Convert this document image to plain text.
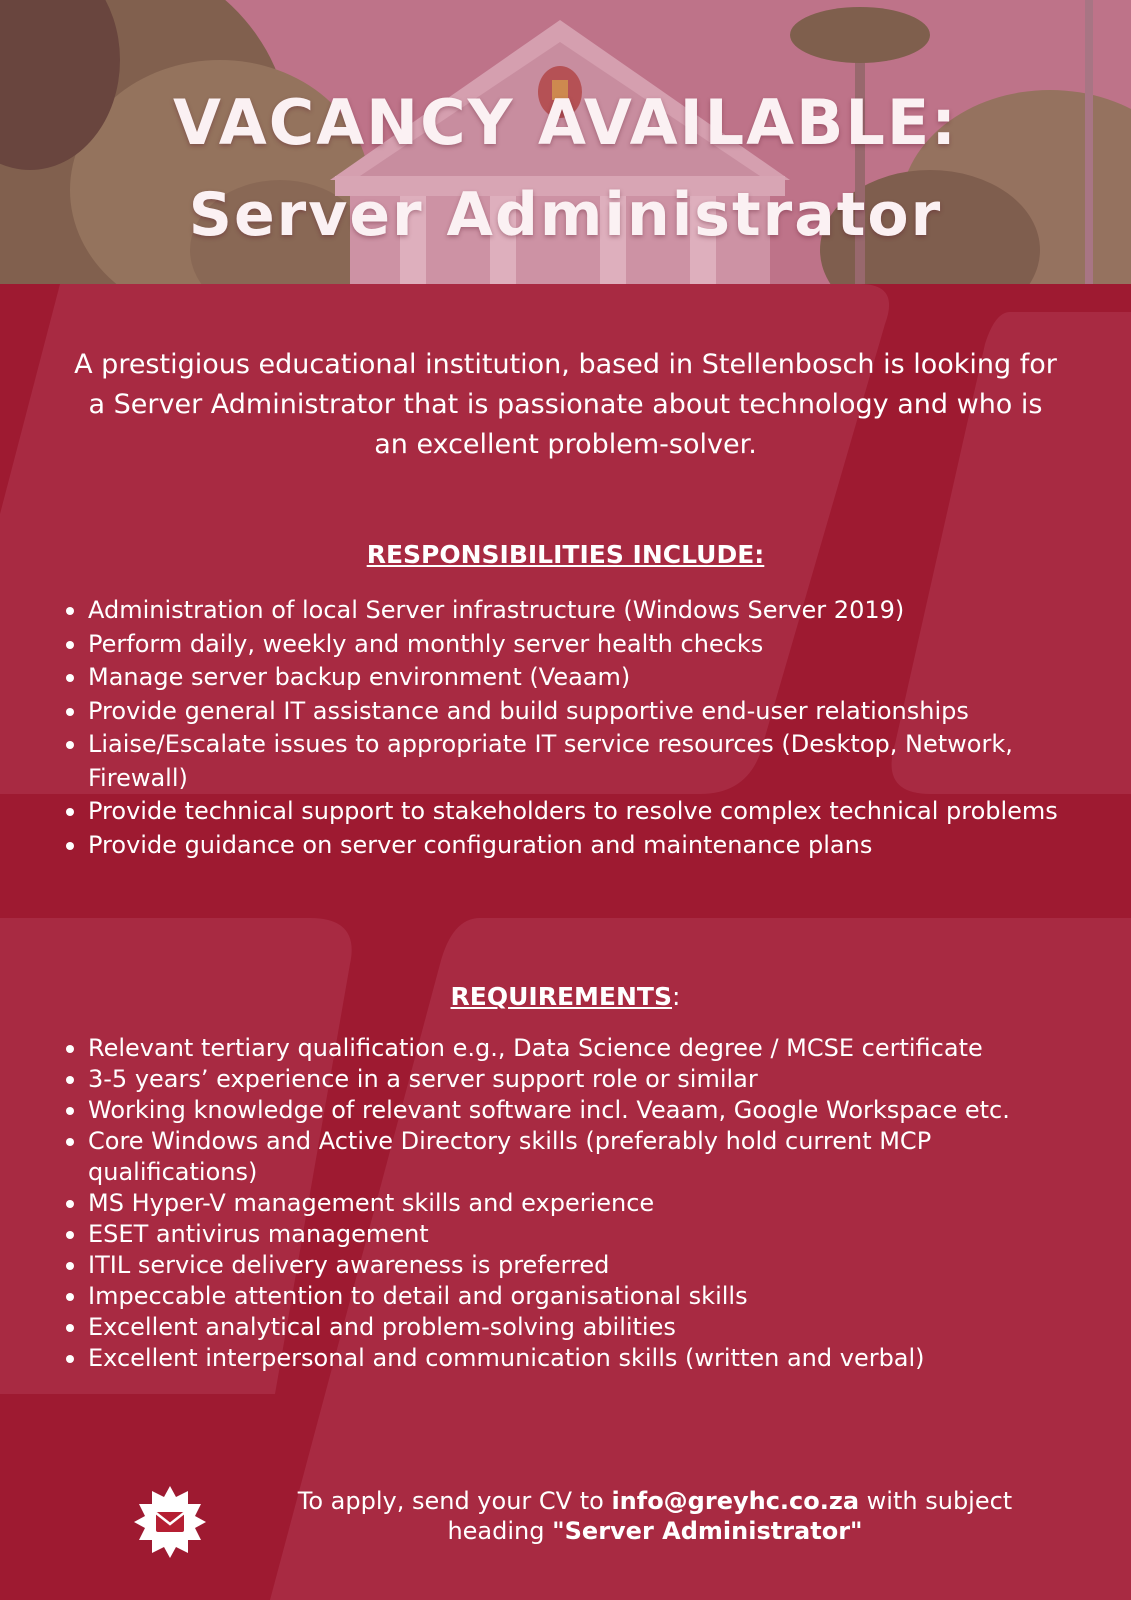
VACANCY AVAILABLE:
Server Administrator

A prestigious educational institution, based in Stellenbosch is looking for a Server Administrator that is passionate about technology and who is an excellent problem-solver.

RESPONSIBILITIES INCLUDE:
Administration of local Server infrastructure (Windows Server 2019)
Perform daily, weekly and monthly server health checks
Manage server backup environment (Veaam)
Provide general IT assistance and build supportive end-user relationships
Liaise/Escalate issues to appropriate IT service resources (Desktop, Network, Firewall)
Provide technical support to stakeholders to resolve complex technical problems
Provide guidance on server configuration and maintenance plans
REQUIREMENTS:
Relevant tertiary qualification e.g., Data Science degree / MCSE certificate
3-5 years’ experience in a server support role or similar
Working knowledge of relevant software incl. Veaam, Google Workspace etc.
Core Windows and Active Directory skills (preferably hold current MCP qualifications)
MS Hyper-V management skills and experience
ESET antivirus management
ITIL service delivery awareness is preferred
Impeccable attention to detail and organisational skills
Excellent analytical and problem-solving abilities
Excellent interpersonal and communication skills (written and verbal)

To apply, send your CV to info@greyhc.co.za with subject heading "Server Administrator"
